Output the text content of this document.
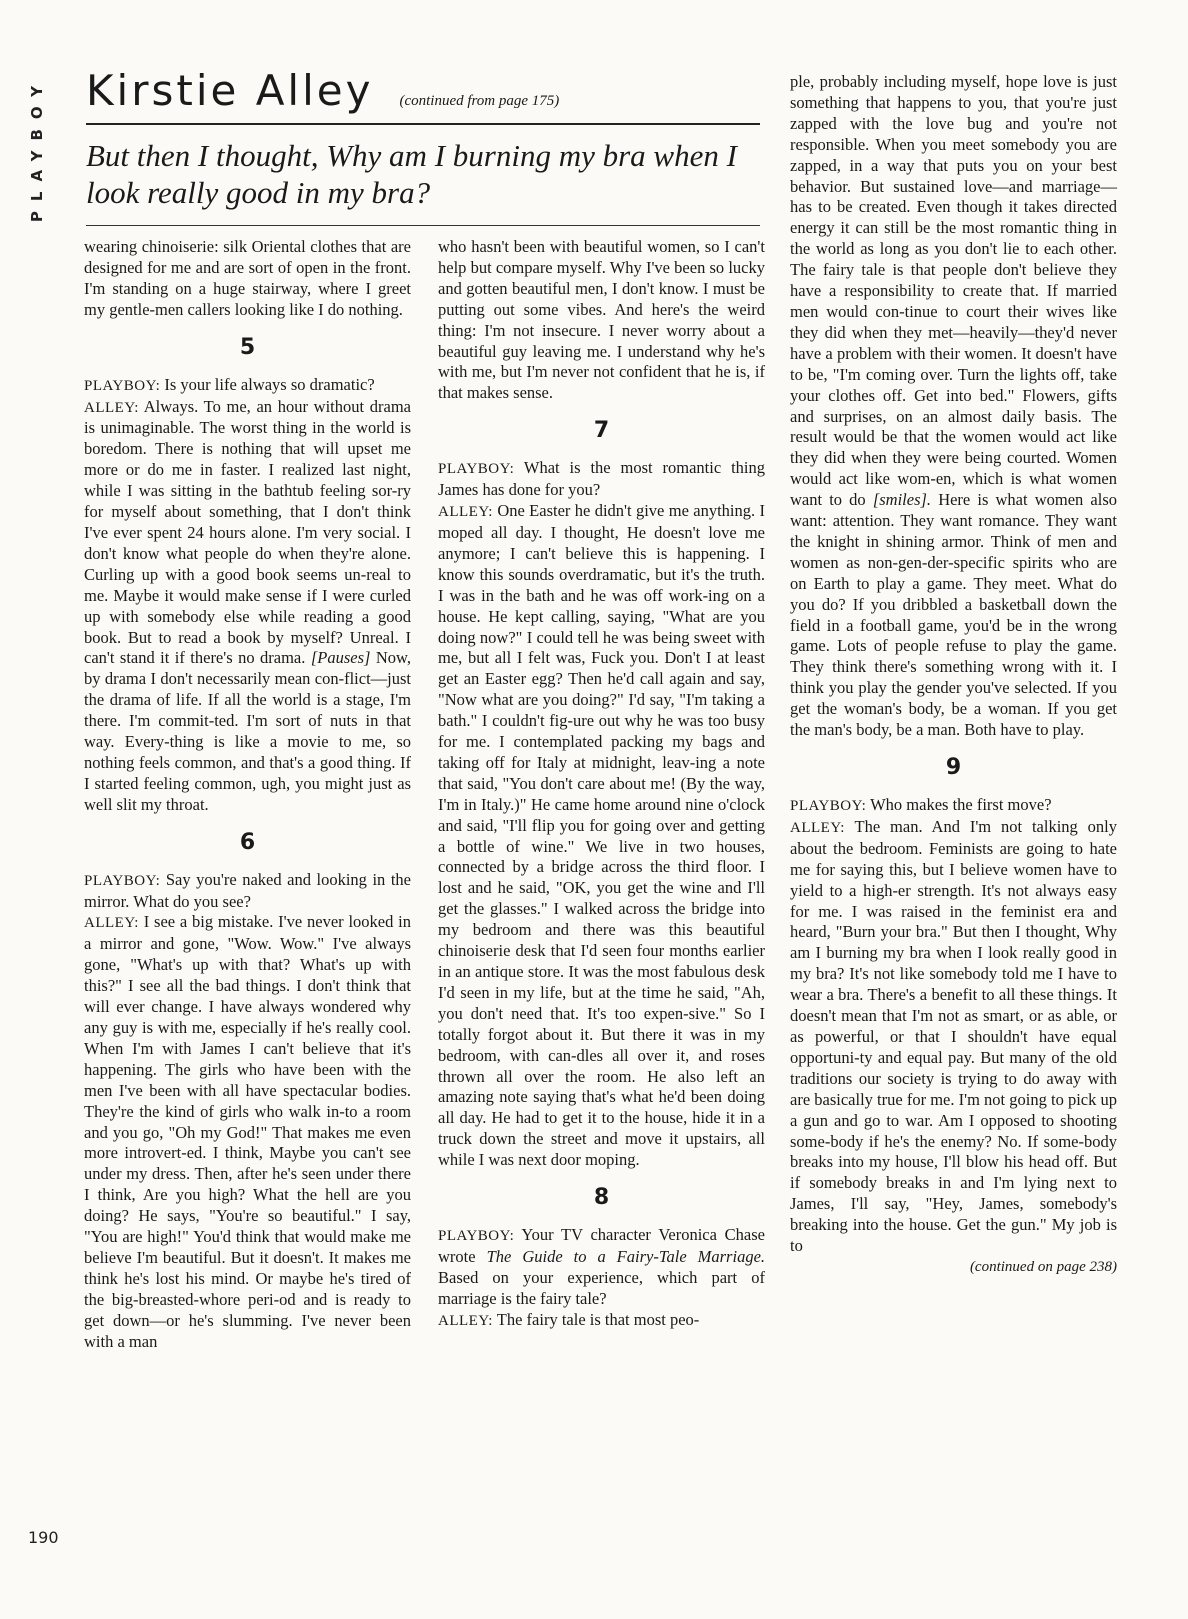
PLAYBOY
190
Kirstie Alley (continued from page 175)
But then I thought, Why am I burning my bra when I look really good in my bra?

wearing chinoiserie: silk Oriental clothes that are designed for me and are sort of open in the front. I'm standing on a huge stairway, where I greet my gentle-men callers looking like I do nothing.

5

PLAYBOY: Is your life always so dramatic?

ALLEY: Always. To me, an hour without drama is unimaginable. The worst thing in the world is boredom. There is nothing that will upset me more or do me in faster. I realized last night, while I was sitting in the bathtub feeling sor-ry for myself about something, that I don't think I've ever spent 24 hours alone. I'm very social. I don't know what people do when they're alone. Curling up with a good book seems un-real to me. Maybe it would make sense if I were curled up with somebody else while reading a good book. But to read a book by myself? Unreal. I can't stand it if there's no drama. [Pauses] Now, by drama I don't necessarily mean con-flict—just the drama of life. If all the world is a stage, I'm there. I'm commit-ted. I'm sort of nuts in that way. Every-thing is like a movie to me, so nothing feels common, and that's a good thing. If I started feeling common, ugh, you might just as well slit my throat.

6

PLAYBOY: Say you're naked and looking in the mirror. What do you see?

ALLEY: I see a big mistake. I've never looked in a mirror and gone, "Wow. Wow." I've always gone, "What's up with that? What's up with this?" I see all the bad things. I don't think that will ever change. I have always wondered why any guy is with me, especially if he's really cool. When I'm with James I can't believe that it's happening. The girls who have been with the men I've been with all have spectacular bodies. They're the kind of girls who walk in-to a room and you go, "Oh my God!" That makes me even more introvert-ed. I think, Maybe you can't see under my dress. Then, after he's seen under there I think, Are you high? What the hell are you doing? He says, "You're so beautiful." I say, "You are high!" You'd think that would make me believe I'm beautiful. But it doesn't. It makes me think he's lost his mind. Or maybe he's tired of the big-breasted-whore peri-od and is ready to get down—or he's slumming. I've never been with a man

who hasn't been with beautiful women, so I can't help but compare myself. Why I've been so lucky and gotten beautiful men, I don't know. I must be putting out some vibes. And here's the weird thing: I'm not insecure. I never worry about a beautiful guy leaving me. I understand why he's with me, but I'm never not confident that he is, if that makes sense.

7

PLAYBOY: What is the most romantic thing James has done for you?

ALLEY: One Easter he didn't give me anything. I moped all day. I thought, He doesn't love me anymore; I can't believe this is happening. I know this sounds overdramatic, but it's the truth. I was in the bath and he was off work-ing on a house. He kept calling, saying, "What are you doing now?" I could tell he was being sweet with me, but all I felt was, Fuck you. Don't I at least get an Easter egg? Then he'd call again and say, "Now what are you doing?" I'd say, "I'm taking a bath." I couldn't fig-ure out why he was too busy for me. I contemplated packing my bags and taking off for Italy at midnight, leav-ing a note that said, "You don't care about me! (By the way, I'm in Italy.)" He came home around nine o'clock and said, "I'll flip you for going over and getting a bottle of wine." We live in two houses, connected by a bridge across the third floor. I lost and he said, "OK, you get the wine and I'll get the glasses." I walked across the bridge into my bedroom and there was this beautiful chinoiserie desk that I'd seen four months earlier in an antique store. It was the most fabulous desk I'd seen in my life, but at the time he said, "Ah, you don't need that. It's too expen-sive." So I totally forgot about it. But there it was in my bedroom, with can-dles all over it, and roses thrown all over the room. He also left an amazing note saying that's what he'd been doing all day. He had to get it to the house, hide it in a truck down the street and move it upstairs, all while I was next door moping.

8

PLAYBOY: Your TV character Veronica Chase wrote The Guide to a Fairy-Tale Marriage. Based on your experience, which part of marriage is the fairy tale?

ALLEY: The fairy tale is that most peo-

ple, probably including myself, hope love is just something that happens to you, that you're just zapped with the love bug and you're not responsible. When you meet somebody you are zapped, in a way that puts you on your best behavior. But sustained love—and marriage—has to be created. Even though it takes directed energy it can still be the most romantic thing in the world as long as you don't lie to each other. The fairy tale is that people don't believe they have a responsibility to create that. If married men would con-tinue to court their wives like they did when they met—heavily—they'd never have a problem with their women. It doesn't have to be, "I'm coming over. Turn the lights off, take your clothes off. Get into bed." Flowers, gifts and surprises, on an almost daily basis. The result would be that the women would act like they did when they were being courted. Women would act like wom-en, which is what women want to do [smiles]. Here is what women also want: attention. They want romance. They want the knight in shining armor. Think of men and women as non-gen-der-specific spirits who are on Earth to play a game. They meet. What do you do? If you dribbled a basketball down the field in a football game, you'd be in the wrong game. Lots of people refuse to play the game. They think there's something wrong with it. I think you play the gender you've selected. If you get the woman's body, be a woman. If you get the man's body, be a man. Both have to play.

9

PLAYBOY: Who makes the first move?

ALLEY: The man. And I'm not talking only about the bedroom. Feminists are going to hate me for saying this, but I believe women have to yield to a high-er strength. It's not always easy for me. I was raised in the feminist era and heard, "Burn your bra." But then I thought, Why am I burning my bra when I look really good in my bra? It's not like somebody told me I have to wear a bra. There's a benefit to all these things. It doesn't mean that I'm not as smart, or as able, or as powerful, or that I shouldn't have equal opportuni-ty and equal pay. But many of the old traditions our society is trying to do away with are basically true for me. I'm not going to pick up a gun and go to war. Am I opposed to shooting some-body if he's the enemy? No. If some-body breaks into my house, I'll blow his head off. But if somebody breaks in and I'm lying next to James, I'll say, "Hey, James, somebody's breaking into the house. Get the gun." My job is to

(continued on page 238)
